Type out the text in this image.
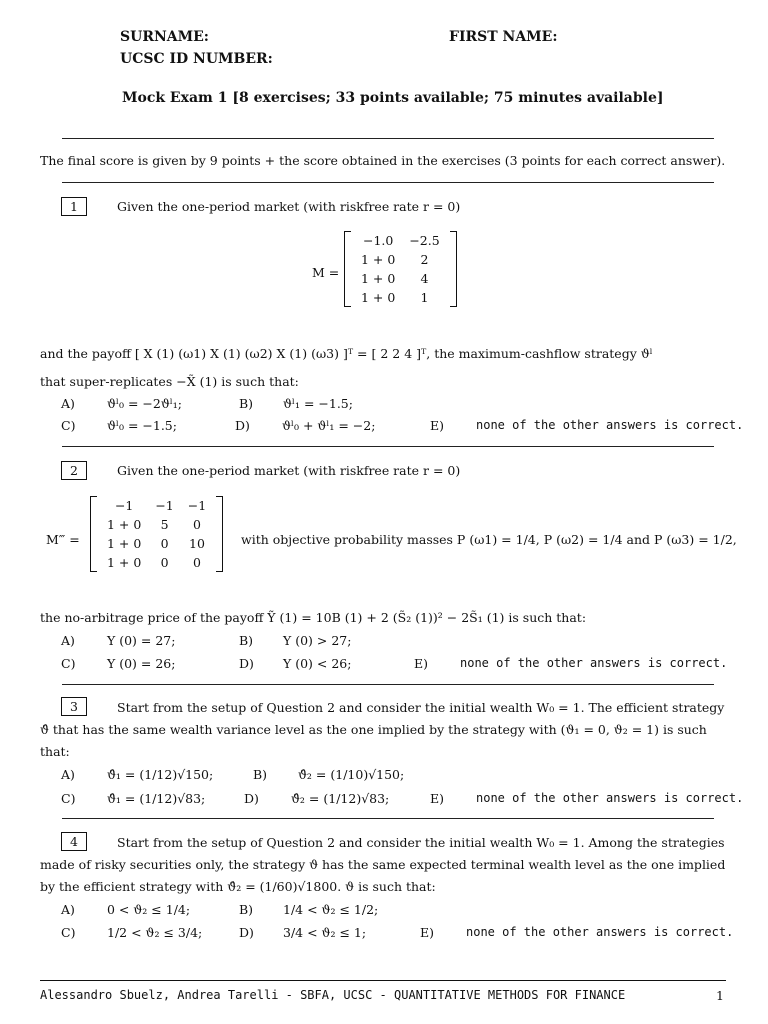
SURNAME:	FIRST NAME:
UCSC ID NUMBER:
Mock Exam 1 [8 exercises; 33 points available; 75 minutes available]
The final score is given by 9 points + the score obtained in the exercises (3 points for each correct answer).
1	Given the one-period market (with riskfree rate r = 0)
M =
−1.0	−2.5
1 + 0	2
1 + 0	4
1 + 0	1
and the payoff [ X (1) (ω1) X (1) (ω2) X (1) (ω3) ]ᵀ = [ 2 2 4 ]ᵀ, the maximum-cashflow strategy ϑˡ
that super-replicates −X̃ (1) is such that:
A)	ϑˡ₀ = −2ϑˡ₁;	B) ϑˡ₁ = −1.5;
C)	ϑˡ₀ = −1.5;	D)	ϑˡ₀ + ϑˡ₁ = −2;	E)	none of the other answers is correct.
2	Given the one-period market (with riskfree rate r = 0)
M‴ =
−1	−1	−1
1 + 0	5	0
1 + 0	0	10
1 + 0	0	0
with objective probability masses P (ω1) = 1/4, P (ω2) = 1/4 and P (ω3) = 1/2,
the no-arbitrage price of the payoff Ỹ (1) = 10B (1) + 2 (S̃₂ (1))² − 2S̃₁ (1) is such that:
A)	Y (0) = 27;	B) Y (0) > 27;
C)	Y (0) = 26;	D) Y (0) < 26;	E)	none of the other answers is correct.
3	Start from the setup of Question 2 and consider the initial wealth W₀ = 1. The efficient strategy
ϑ̂ that has the same wealth variance level as the one implied by the strategy with (ϑ₁ = 0, ϑ₂ = 1) is such
that:
A)	ϑ̂₁ = (1/12)√150;	B) ϑ̂₂ = (1/10)√150;
C)	ϑ̂₁ = (1/12)√83;	D)	ϑ̂₂ = (1/12)√83;	E)	none of the other answers is correct.
4	Start from the setup of Question 2 and consider the initial wealth W₀ = 1. Among the strategies
made of risky securities only, the strategy ϑ has the same expected terminal wealth level as the one implied
by the efficient strategy with ϑ̂₂ = (1/60)√1800. ϑ is such that:
A)	0 < ϑ₂ ≤ 1/4;	B) 1/4 < ϑ₂ ≤ 1/2;
C)	1/2 < ϑ₂ ≤ 3/4;	D) 3/4 < ϑ₂ ≤ 1;	E)	none of the other answers is correct.
Alessandro Sbuelz, Andrea Tarelli - SBFA, UCSC - QUANTITATIVE METHODS FOR FINANCE	1
